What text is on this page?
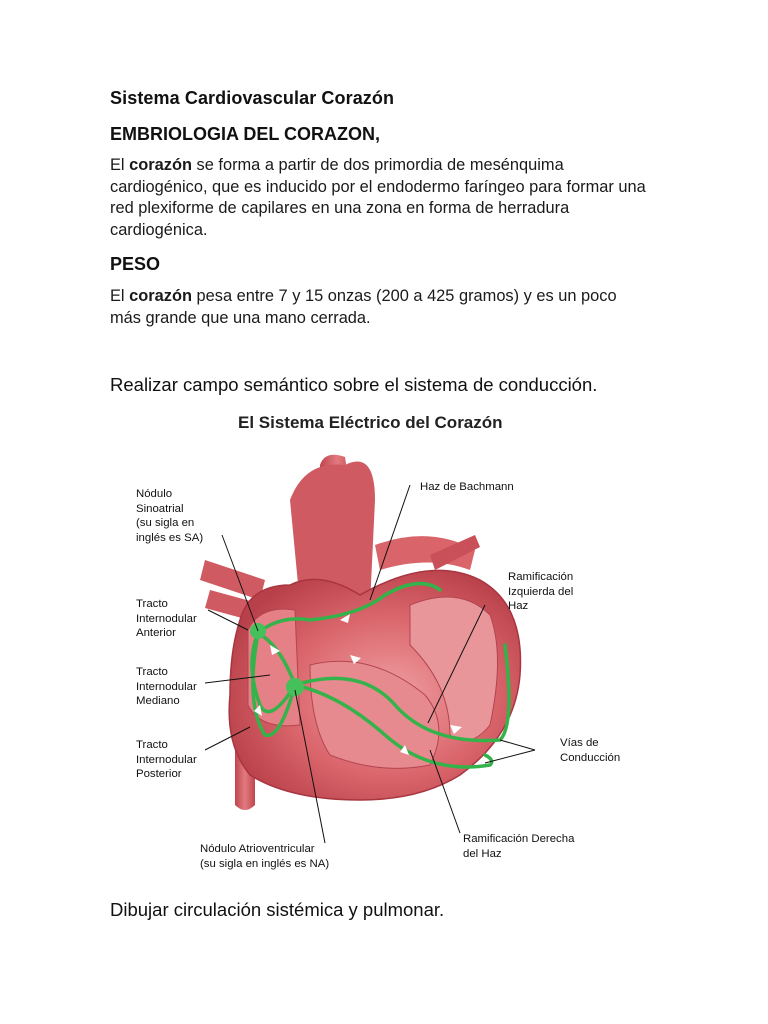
Sistema Cardiovascular Corazón
EMBRIOLOGIA DEL CORAZON,
El corazón se forma a partir de dos primordia de mesénquima cardiogénico, que es inducido por el endodermo faríngeo para formar una red plexiforme de capilares en una zona en forma de herradura cardiogénica.
PESO
El corazón pesa entre 7 y 15 onzas (200 a 425 gramos) y es un poco más grande que una mano cerrada.
Realizar campo semántico sobre el sistema de conducción.
El Sistema Eléctrico del Corazón
Nódulo
Sinoatrial
(su sigla en
inglés es SA)
Tracto
Internodular
Anterior
Tracto
Internodular
Mediano
Tracto
Internodular
Posterior
Nódulo Atrioventricular
(su sigla en inglés es NA)
Haz de Bachmann
Ramificación
Izquierda del
Haz
Vías de
Conducción
Ramificación Derecha
del Haz
Dibujar circulación sistémica y pulmonar.
